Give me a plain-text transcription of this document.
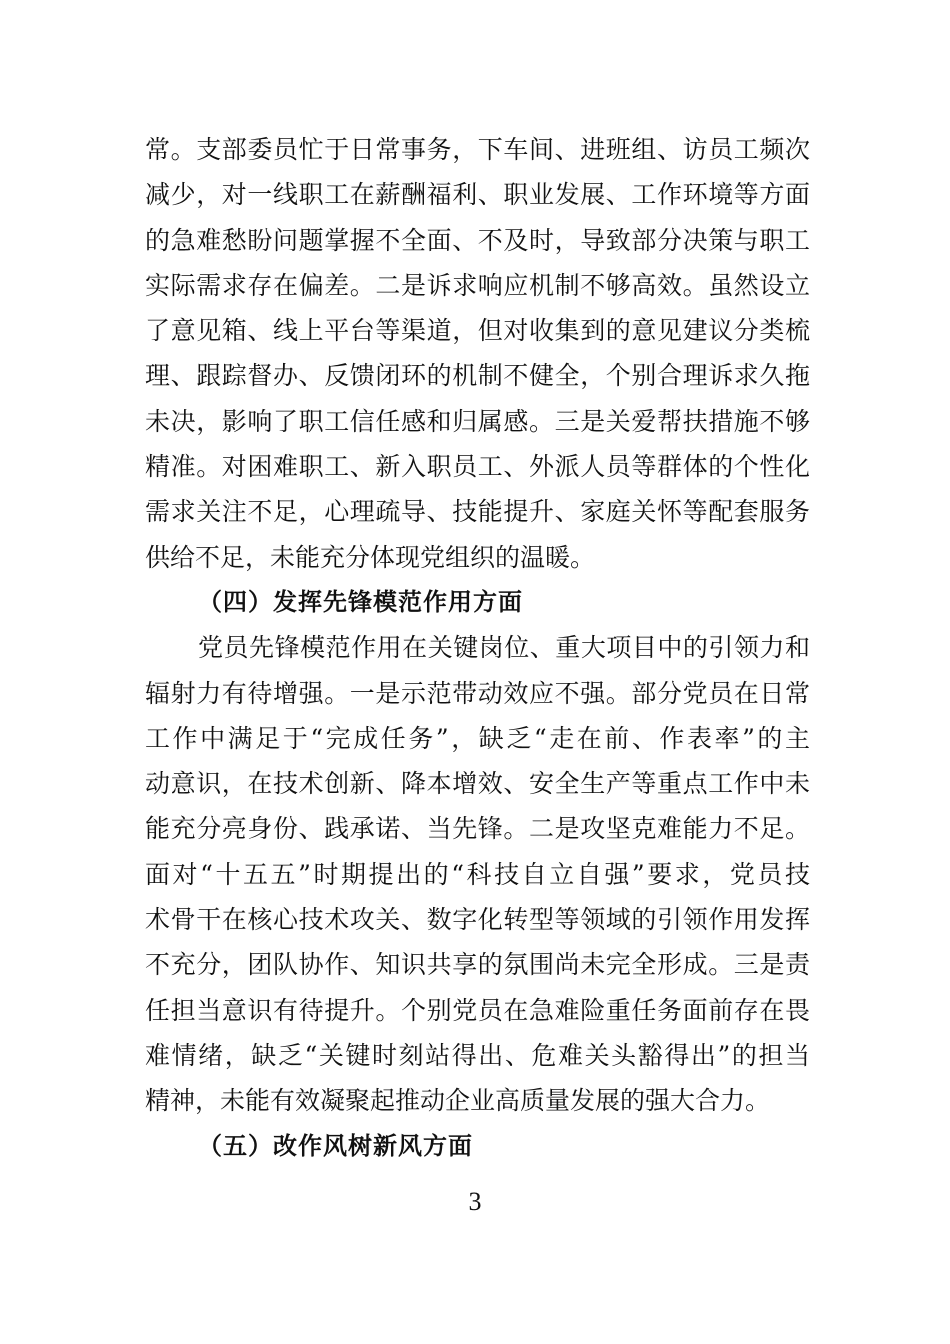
常。支部委员忙于日常事务，下车间、进班组、访员工频次
减少，对一线职工在薪酬福利、职业发展、工作环境等方面
的急难愁盼问题掌握不全面、不及时，导致部分决策与职工
实际需求存在偏差。二是诉求响应机制不够高效。虽然设立
了意见箱、线上平台等渠道，但对收集到的意见建议分类梳
理、跟踪督办、反馈闭环的机制不健全，个别合理诉求久拖
未决，影响了职工信任感和归属感。三是关爱帮扶措施不够
精准。对困难职工、新入职员工、外派人员等群体的个性化
需求关注不足，心理疏导、技能提升、家庭关怀等配套服务
供给不足，未能充分体现党组织的温暖。
（四）发挥先锋模范作用方面
党员先锋模范作用在关键岗位、重大项目中的引领力和
辐射力有待增强。一是示范带动效应不强。部分党员在日常
工作中满足于“完成任务”，缺乏“走在前、作表率”的主
动意识，在技术创新、降本增效、安全生产等重点工作中未
能充分亮身份、践承诺、当先锋。二是攻坚克难能力不足。
面对“十五五”时期提出的“科技自立自强”要求，党员技
术骨干在核心技术攻关、数字化转型等领域的引领作用发挥
不充分，团队协作、知识共享的氛围尚未完全形成。三是责
任担当意识有待提升。个别党员在急难险重任务面前存在畏
难情绪，缺乏“关键时刻站得出、危难关头豁得出”的担当
精神，未能有效凝聚起推动企业高质量发展的强大合力。
（五）改作风树新风方面
3
